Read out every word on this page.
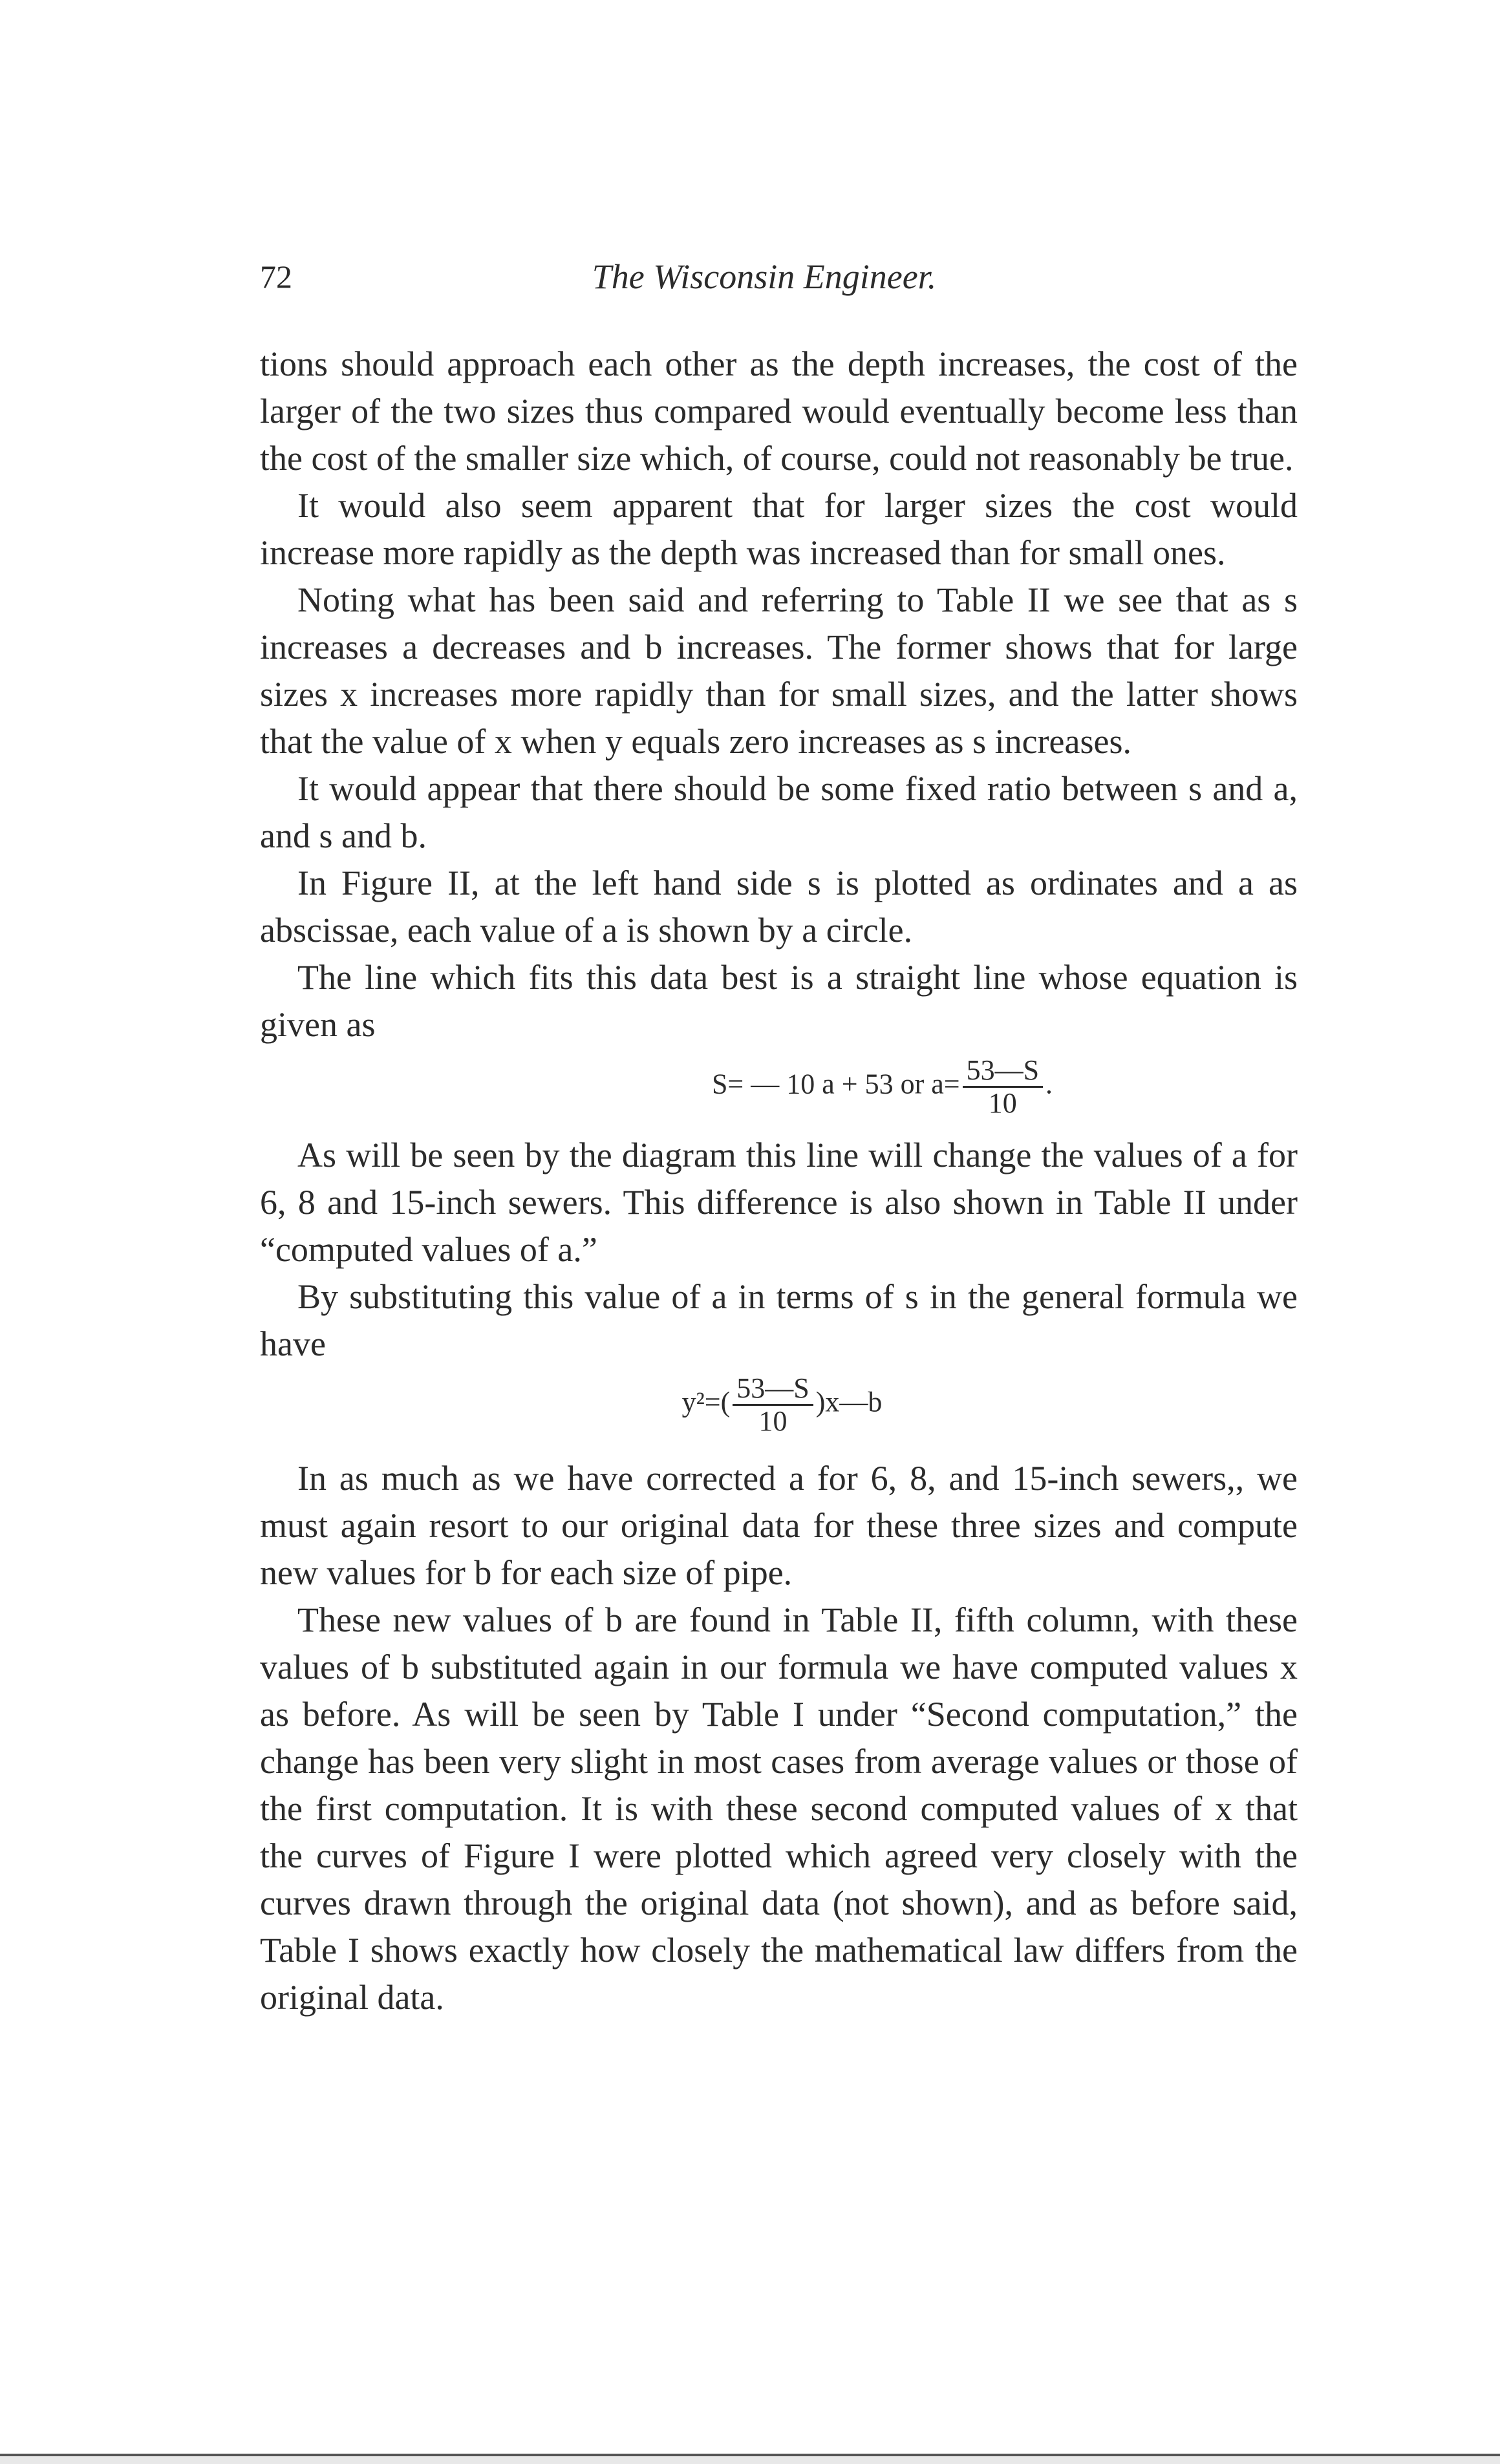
72	The Wisconsin Engineer.

tions should approach each other as the depth increases, the cost of the larger of the two sizes thus compared would eventually become less than the cost of the smaller size which, of course, could not reasonably be true.

It would also seem apparent that for larger sizes the cost would increase more rapidly as the depth was increased than for small ones.

Noting what has been said and referring to Table II we see that as s increases a decreases and b increases. The former shows that for large sizes x increases more rapidly than for small sizes, and the latter shows that the value of x when y equals zero increases as s increases.

It would appear that there should be some fixed ratio between s and a, and s and b.

In Figure II, at the left hand side s is plotted as ordinates and a as abscissae, each value of a is shown by a circle.

The line which fits this data best is a straight line whose equation is given as

S= — 10 a + 53 or $a= \frac{53—S}{10}$ .

As will be seen by the diagram this line will change the values of a for 6, 8 and 15-inch sewers. This difference is also shown in Table II under “computed values of a.”

By substituting this value of a in terms of s in the general formula we have

$y^2=( \frac{53—S}{10}$ )x—b

In as much as we have corrected a for 6, 8, and 15-inch sewers,, we must again resort to our original data for these three sizes and compute new values for b for each size of pipe.

These new values of b are found in Table II, fifth column, with these values of b substituted again in our formula we have computed values x as before. As will be seen by Table I under “Second computation,” the change has been very slight in most cases from average values or those of the first computation. It is with these second computed values of x that the curves of Figure I were plotted which agreed very closely with the curves drawn through the original data (not shown), and as before said, Table I shows exactly how closely the mathematical law differs from the original data.
